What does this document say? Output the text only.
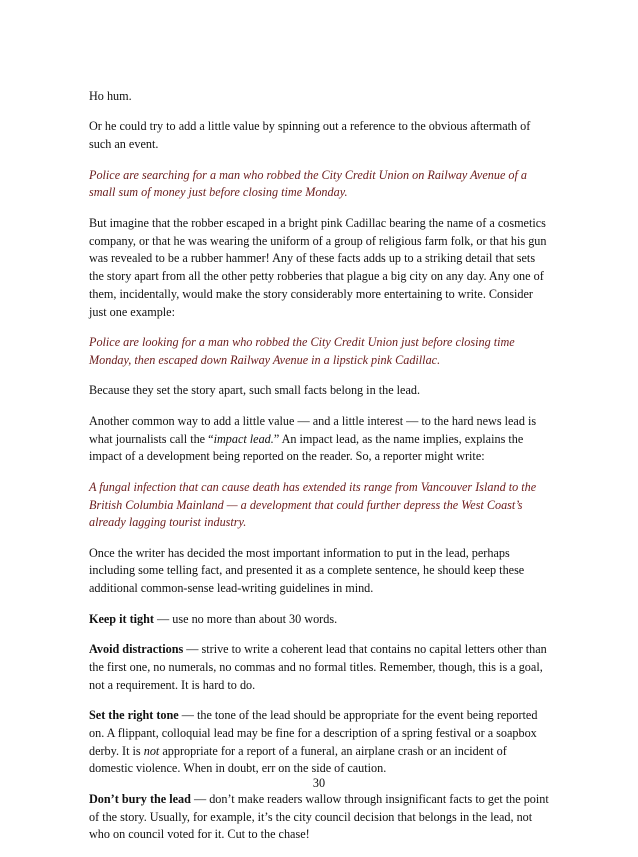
Ho hum.

Or he could try to add a little value by spinning out a reference to the obvious aftermath of such an event.

Police are searching for a man who robbed the City Credit Union on Railway Avenue of a small sum of money just before closing time Monday.

But imagine that the robber escaped in a bright pink Cadillac bearing the name of a cosmetics company, or that he was wearing the uniform of a group of religious farm folk, or that his gun was revealed to be a rubber hammer! Any of these facts adds up to a striking detail that sets the story apart from all the other petty robberies that plague a big city on any day. Any one of them, incidentally, would make the story considerably more entertaining to write. Consider just one example:

Police are looking for a man who robbed the City Credit Union just before closing time Monday, then escaped down Railway Avenue in a lipstick pink Cadillac.

Because they set the story apart, such small facts belong in the lead.

Another common way to add a little value — and a little interest — to the hard news lead is what journalists call the “impact lead.” An impact lead, as the name implies, explains the impact of a development being reported on the reader. So, a reporter might write:

A fungal infection that can cause death has extended its range from Vancouver Island to the British Columbia Mainland — a development that could further depress the West Coast’s already lagging tourist industry.

Once the writer has decided the most important information to put in the lead, perhaps including some telling fact, and presented it as a complete sentence, he should keep these additional common-sense lead-writing guidelines in mind.

Keep it tight — use no more than about 30 words.

Avoid distractions — strive to write a coherent lead that contains no capital letters other than the first one, no numerals, no commas and no formal titles. Remember, though, this is a goal, not a requirement. It is hard to do.

Set the right tone — the tone of the lead should be appropriate for the event being reported on. A flippant, colloquial lead may be fine for a description of a spring festival or a soapbox derby. It is not appropriate for a report of a funeral, an airplane crash or an incident of domestic violence. When in doubt, err on the side of caution.

Don’t bury the lead — don’t make readers wallow through insignificant facts to get the point of the story. Usually, for example, it’s the city council decision that belongs in the lead, not who on council voted for it. Cut to the chase!

30
